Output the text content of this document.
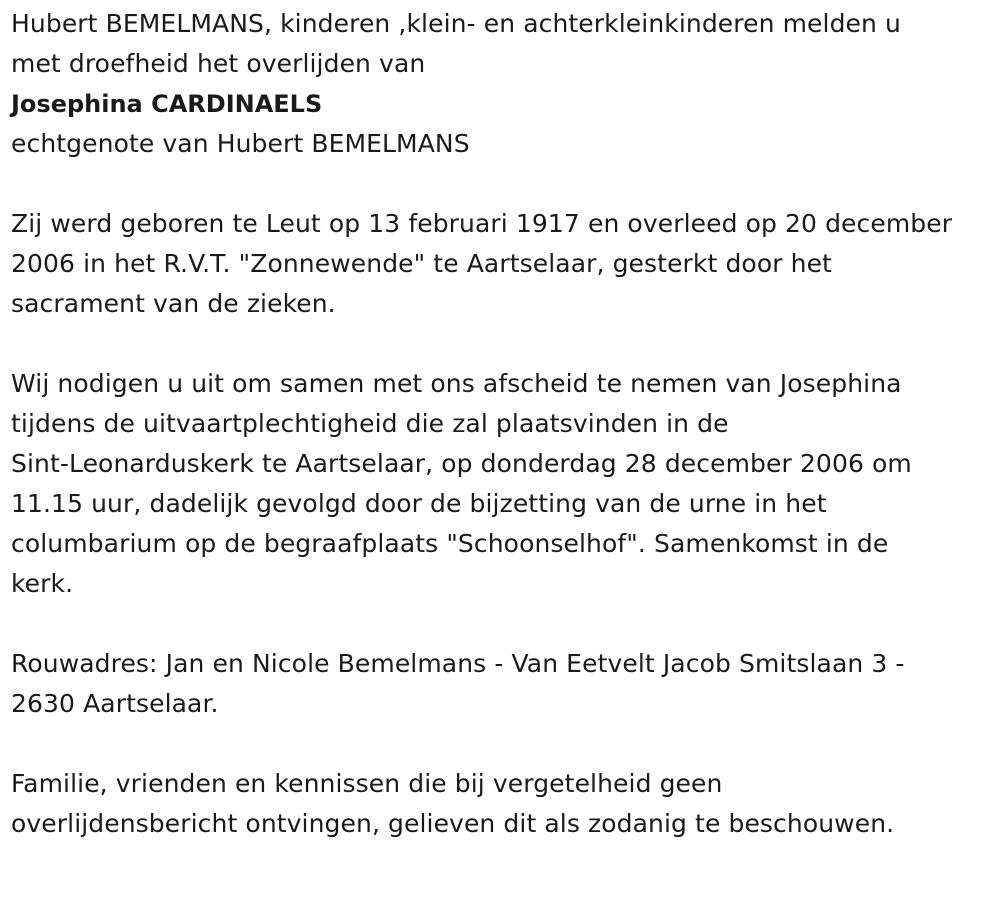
Hubert BEMELMANS, kinderen ,klein- en achterkleinkinderen melden u
met droefheid het overlijden van

Josephina CARDINAELS

echtgenote van Hubert BEMELMANS

Zij werd geboren te Leut op 13 februari 1917 en overleed op 20 december
2006 in het R.V.T. "Zonnewende" te Aartselaar, gesterkt door het
sacrament van de zieken.

Wij nodigen u uit om samen met ons afscheid te nemen van Josephina
tijdens de uitvaartplechtigheid die zal plaatsvinden in de
Sint-Leonarduskerk te Aartselaar, op donderdag 28 december 2006 om
11.15 uur, dadelijk gevolgd door de bijzetting van de urne in het
columbarium op de begraafplaats "Schoonselhof". Samenkomst in de
kerk.

Rouwadres: Jan en Nicole Bemelmans - Van Eetvelt Jacob Smitslaan 3 -
2630 Aartselaar.

Familie, vrienden en kennissen die bij vergetelheid geen
overlijdensbericht ontvingen, gelieven dit als zodanig te beschouwen.
